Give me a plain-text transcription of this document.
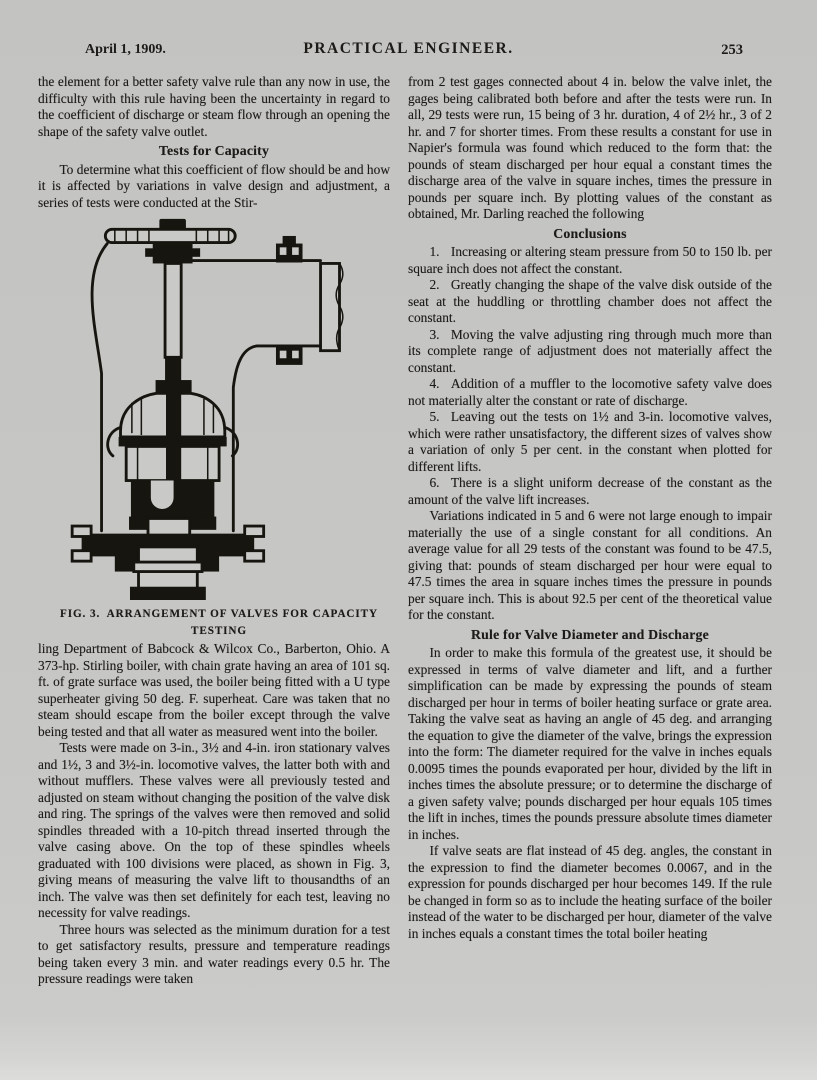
April 1, 1909.	PRACTICAL ENGINEER.	253

the element for a better safety valve rule than any now in use, the difficulty with this rule having been the uncertainty in regard to the coefficient of discharge or steam flow through an opening the shape of the safety valve outlet.

Tests for Capacity

To determine what this coefficient of flow should be and how it is affected by variations in valve design and adjustment, a series of tests were conducted at the Stir-

FIG. 3. ARRANGEMENT OF VALVES FOR CAPACITY TESTING

ling Department of Babcock & Wilcox Co., Barberton, Ohio. A 373-hp. Stirling boiler, with chain grate having an area of 101 sq. ft. of grate surface was used, the boiler being fitted with a U type superheater giving 50 deg. F. superheat. Care was taken that no steam should escape from the boiler except through the valve being tested and that all water as measured went into the boiler.

Tests were made on 3-in., 3½ and 4-in. iron stationary valves and 1½, 3 and 3½-in. locomotive valves, the latter both with and without mufflers. These valves were all previously tested and adjusted on steam without changing the position of the valve disk and ring. The springs of the valves were then removed and solid spindles threaded with a 10-pitch thread inserted through the valve casing above. On the top of these spindles wheels graduated with 100 divisions were placed, as shown in Fig. 3, giving means of measuring the valve lift to thousandths of an inch. The valve was then set definitely for each test, leaving no necessity for valve readings.

Three hours was selected as the minimum duration for a test to get satisfactory results, pressure and temperature readings being taken every 3 min. and water readings every 0.5 hr. The pressure readings were taken

from 2 test gages connected about 4 in. below the valve inlet, the gages being calibrated both before and after the tests were run. In all, 29 tests were run, 15 being of 3 hr. duration, 4 of 2½ hr., 3 of 2 hr. and 7 for shorter times. From these results a constant for use in Napier's formula was found which reduced to the form that: the pounds of steam discharged per hour equal a constant times the discharge area of the valve in square inches, times the pressure in pounds per square inch. By plotting values of the constant as obtained, Mr. Darling reached the following

Conclusions

1. Increasing or altering steam pressure from 50 to 150 lb. per square inch does not affect the constant.

2. Greatly changing the shape of the valve disk outside of the seat at the huddling or throttling chamber does not affect the constant.

3. Moving the valve adjusting ring through much more than its complete range of adjustment does not materially affect the constant.

4. Addition of a muffler to the locomotive safety valve does not materially alter the constant or rate of discharge.

5. Leaving out the tests on 1½ and 3-in. locomotive valves, which were rather unsatisfactory, the different sizes of valves show a variation of only 5 per cent. in the constant when plotted for different lifts.

6. There is a slight uniform decrease of the constant as the amount of the valve lift increases.

Variations indicated in 5 and 6 were not large enough to impair materially the use of a single constant for all conditions. An average value for all 29 tests of the constant was found to be 47.5, giving that: pounds of steam discharged per hour were equal to 47.5 times the area in square inches times the pressure in pounds per square inch. This is about 92.5 per cent of the theoretical value for the constant.

Rule for Valve Diameter and Discharge

In order to make this formula of the greatest use, it should be expressed in terms of valve diameter and lift, and a further simplification can be made by expressing the pounds of steam discharged per hour in terms of boiler heating surface or grate area. Taking the valve seat as having an angle of 45 deg. and arranging the equation to give the diameter of the valve, brings the expression into the form: The diameter required for the valve in inches equals 0.0095 times the pounds evaporated per hour, divided by the lift in inches times the absolute pressure; or to determine the discharge of a given safety valve; pounds discharged per hour equals 105 times the lift in inches, times the pounds pressure absolute times diameter in inches.

If valve seats are flat instead of 45 deg. angles, the constant in the expression to find the diameter becomes 0.0067, and in the expression for pounds discharged per hour becomes 149. If the rule be changed in form so as to include the heating surface of the boiler instead of the water to be discharged per hour, diameter of the valve in inches equals a constant times the total boiler heating
